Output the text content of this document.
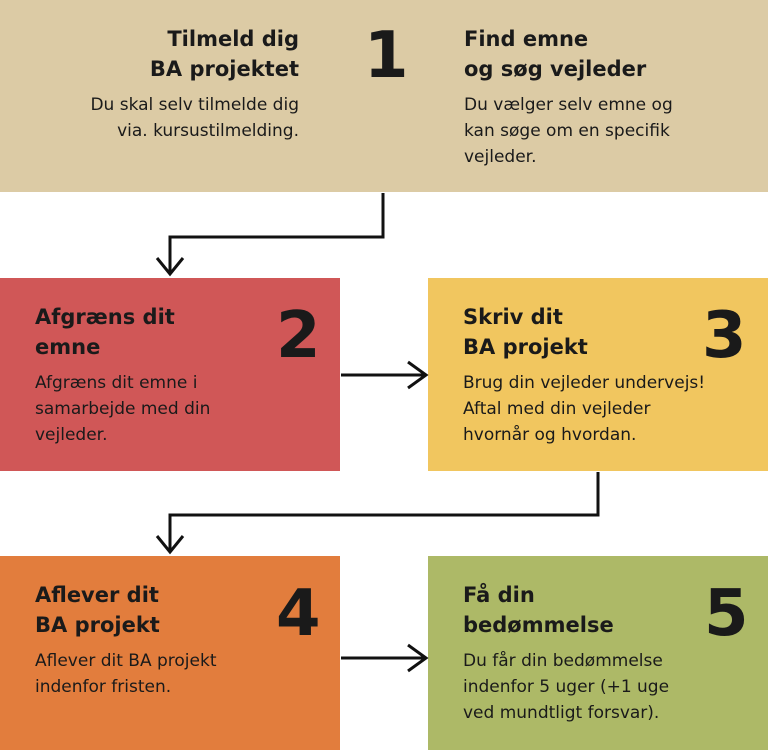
Tilmeld dig
BA projektet
Du skal selv tilmelde dig
via. kursustilmelding.
1	Find emne
og søg vejleder
Du vælger selv emne og
kan søge om en specifik
vejleder.
Afgræns dit
emne	2
Afgræns dit emne i
samarbejde med din
vejleder.
Skriv dit
BA projekt	3
Brug din vejleder undervejs!
Aftal med din vejleder
hvornår og hvordan.
Aflever dit
BA projekt	4
Aflever dit BA projekt
indenfor fristen.
Få din
bedømmelse	5
Du får din bedømmelse
indenfor 5 uger (+1 uge
ved mundtligt forsvar).
